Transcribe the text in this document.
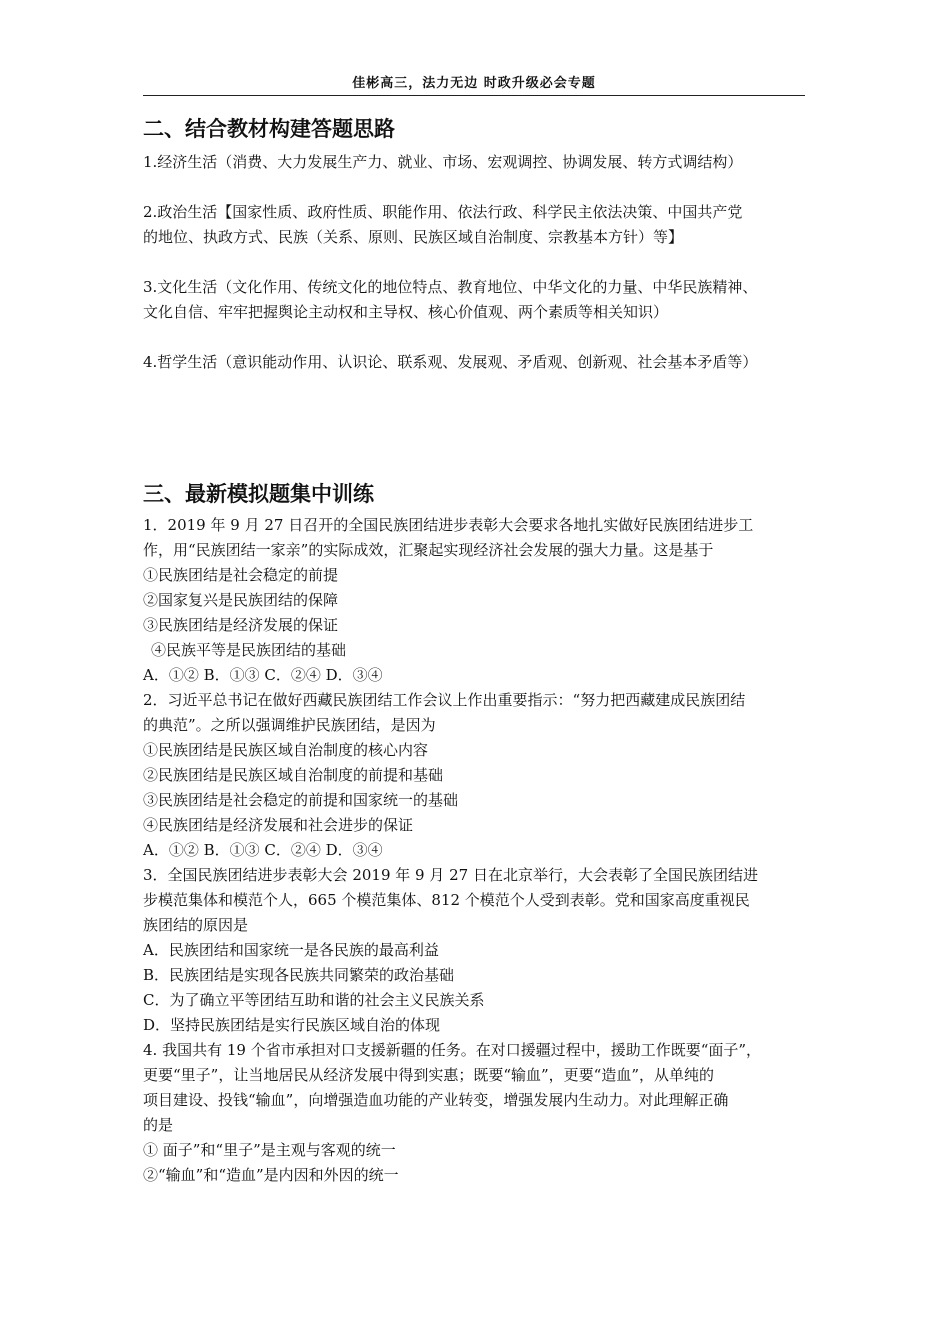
佳彬高三，法力无边 时政升级必会专题
二、结合教材构建答题思路

1.经济生活（消费、大力发展生产力、就业、市场、宏观调控、协调发展、转方式调结构）

2.政治生活【国家性质、政府性质、职能作用、依法行政、科学民主依法决策、中国共产党

的地位、执政方式、民族（关系、原则、民族区域自治制度、宗教基本方针）等】

3.文化生活（文化作用、传统文化的地位特点、教育地位、中华文化的力量、中华民族精神、

文化自信、牢牢把握舆论主动权和主导权、核心价值观、两个素质等相关知识）

4.哲学生活（意识能动作用、认识论、联系观、发展观、矛盾观、创新观、社会基本矛盾等）

三、最新模拟题集中训练

1．2019 年 9 月 27 日召开的全国民族团结进步表彰大会要求各地扎实做好民族团结进步工

作，用“民族团结一家亲”的实际成效，汇聚起实现经济社会发展的强大力量。这是基于

①民族团结是社会稳定的前提

②国家复兴是民族团结的保障

③民族团结是经济发展的保证

④民族平等是民族团结的基础

A．①② B．①③ C．②④ D．③④

2．习近平总书记在做好西藏民族团结工作会议上作出重要指示：“努力把西藏建成民族团结

的典范”。之所以强调维护民族团结，是因为

①民族团结是民族区域自治制度的核心内容

②民族团结是民族区域自治制度的前提和基础

③民族团结是社会稳定的前提和国家统一的基础

④民族团结是经济发展和社会进步的保证

A．①② B．①③ C．②④ D．③④

3．全国民族团结进步表彰大会 2019 年 9 月 27 日在北京举行，大会表彰了全国民族团结进

步模范集体和模范个人，665 个模范集体、812 个模范个人受到表彰。党和国家高度重视民

族团结的原因是

A．民族团结和国家统一是各民族的最高利益

B．民族团结是实现各民族共同繁荣的政治基础

C．为了确立平等团结互助和谐的社会主义民族关系

D．坚持民族团结是实行民族区域自治的体现

4. 我国共有 19 个省市承担对口支援新疆的任务。在对口援疆过程中，援助工作既要“面子”，

更要“里子”，让当地居民从经济发展中得到实惠；既要“输血”，更要“造血”，从单纯的

项目建设、投钱“输血”，向增强造血功能的产业转变，增强发展内生动力。对此理解正确

的是

① 面子”和“里子”是主观与客观的统一

②“输血”和“造血”是内因和外因的统一
